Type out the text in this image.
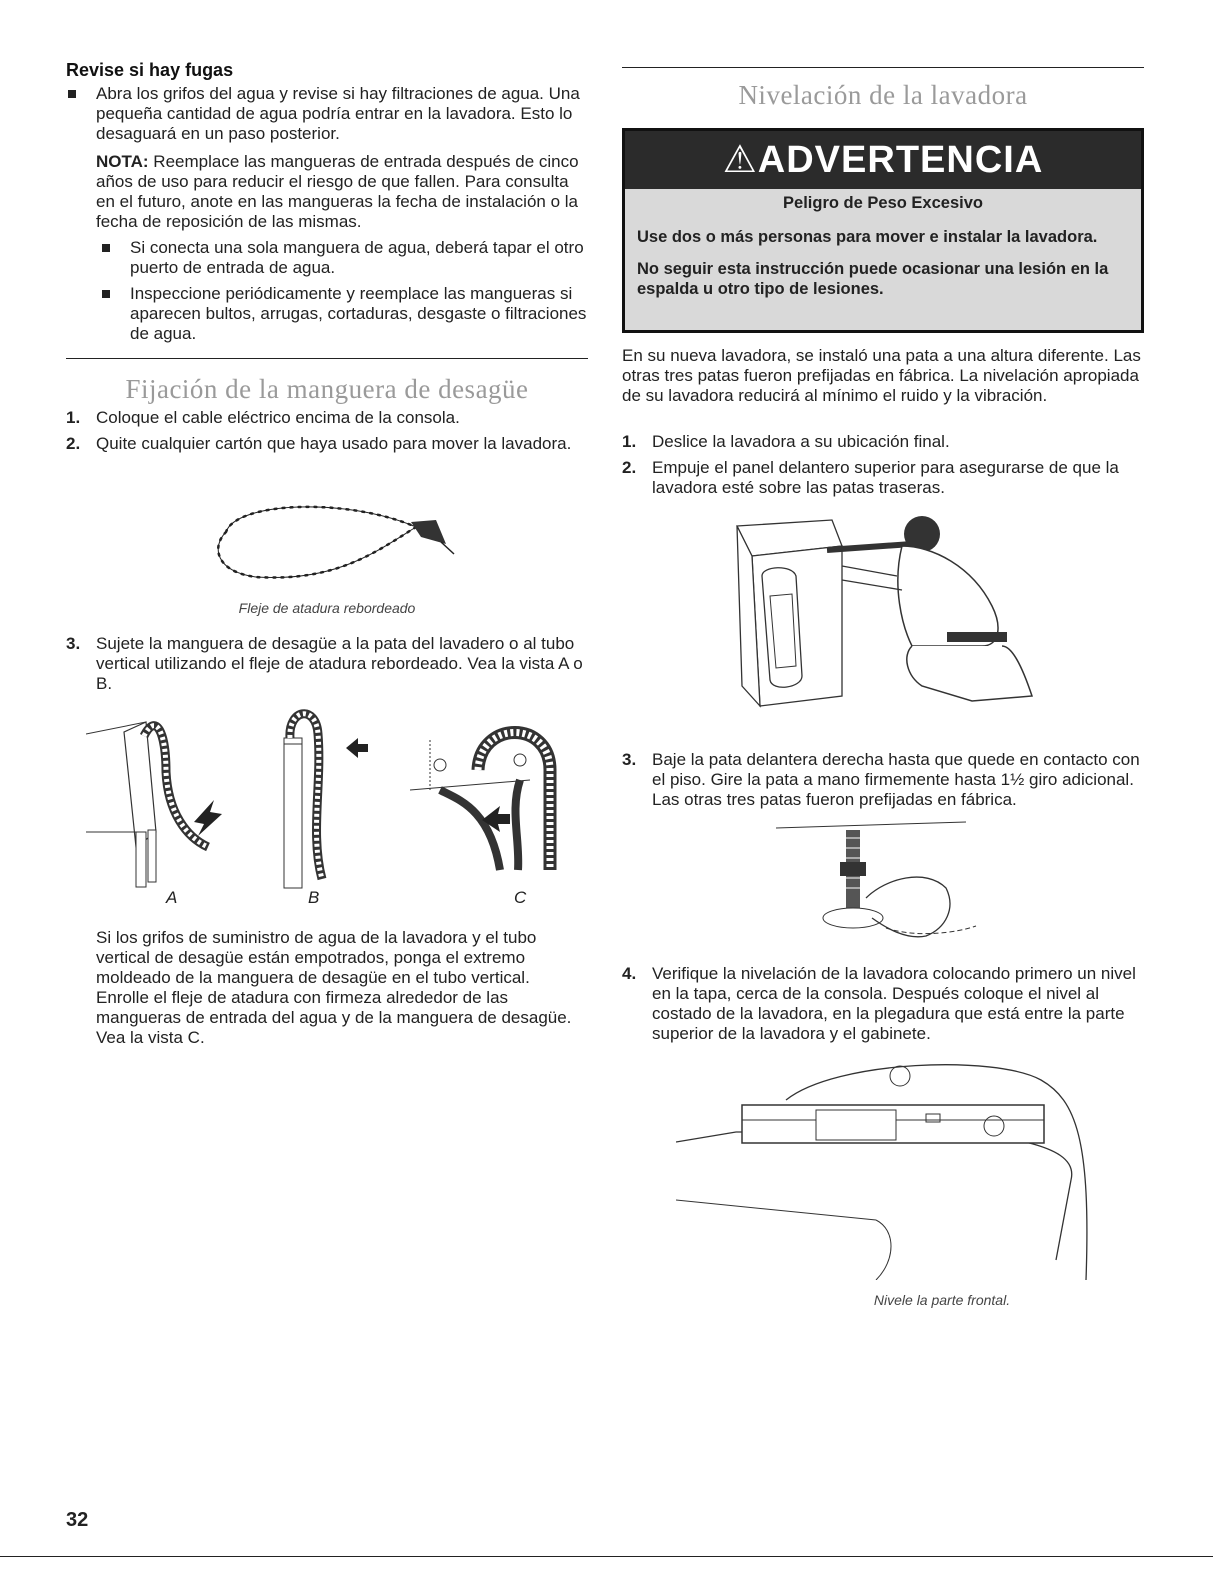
Revise si hay fugas

Abra los grifos del agua y revise si hay filtraciones de agua. Una pequeña cantidad de agua podría entrar en la lavadora. Esto lo desaguará en un paso posterior.

NOTA: Reemplace las mangueras de entrada después de cinco años de uso para reducir el riesgo de que fallen. Para consulta en el futuro, anote en las mangueras la fecha de instalación o la fecha de reposición de las mismas.

Si conecta una sola manguera de agua, deberá tapar el otro puerto de entrada de agua.

Inspeccione periódicamente y reemplace las mangueras si aparecen bultos, arrugas, cortaduras, desgaste o filtraciones de agua.

Fijación de la manguera de desagüe

1. Coloque el cable eléctrico encima de la consola.

2. Quite cualquier cartón que haya usado para mover la lavadora.

Fleje de atadura rebordeado

3. Sujete la manguera de desagüe a la pata del lavadero o al tubo vertical utilizando el fleje de atadura rebordeado. Vea la vista A o B.

A	B	C
Si los grifos de suministro de agua de la lavadora y el tubo vertical de desagüe están empotrados, ponga el extremo moldeado de la manguera de desagüe en el tubo vertical. Enrolle el fleje de atadura con firmeza alrededor de las mangueras de entrada del agua y de la manguera de desagüe. Vea la vista C.
Nivelación de la lavadora
⚠ADVERTENCIA
Peligro de Peso Excesivo
Use dos o más personas para mover e instalar la lavadora.
No seguir esta instrucción puede ocasionar una lesión en la espalda u otro tipo de lesiones.
En su nueva lavadora, se instaló una pata a una altura diferente. Las otras tres patas fueron prefijadas en fábrica. La nivelación apropiada de su lavadora reducirá al mínimo el ruido y la vibración.

1. Deslice la lavadora a su ubicación final.

2. Empuje el panel delantero superior para asegurarse de que la lavadora esté sobre las patas traseras.

3. Baje la pata delantera derecha hasta que quede en contacto con el piso. Gire la pata a mano firmemente hasta 1½ giro adicional. Las otras tres patas fueron prefijadas en fábrica.

4. Verifique la nivelación de la lavadora colocando primero un nivel en la tapa, cerca de la consola. Después coloque el nivel al costado de la lavadora, en la plegadura que está entre la parte superior de la lavadora y el gabinete.

Nivele la parte frontal.
32
